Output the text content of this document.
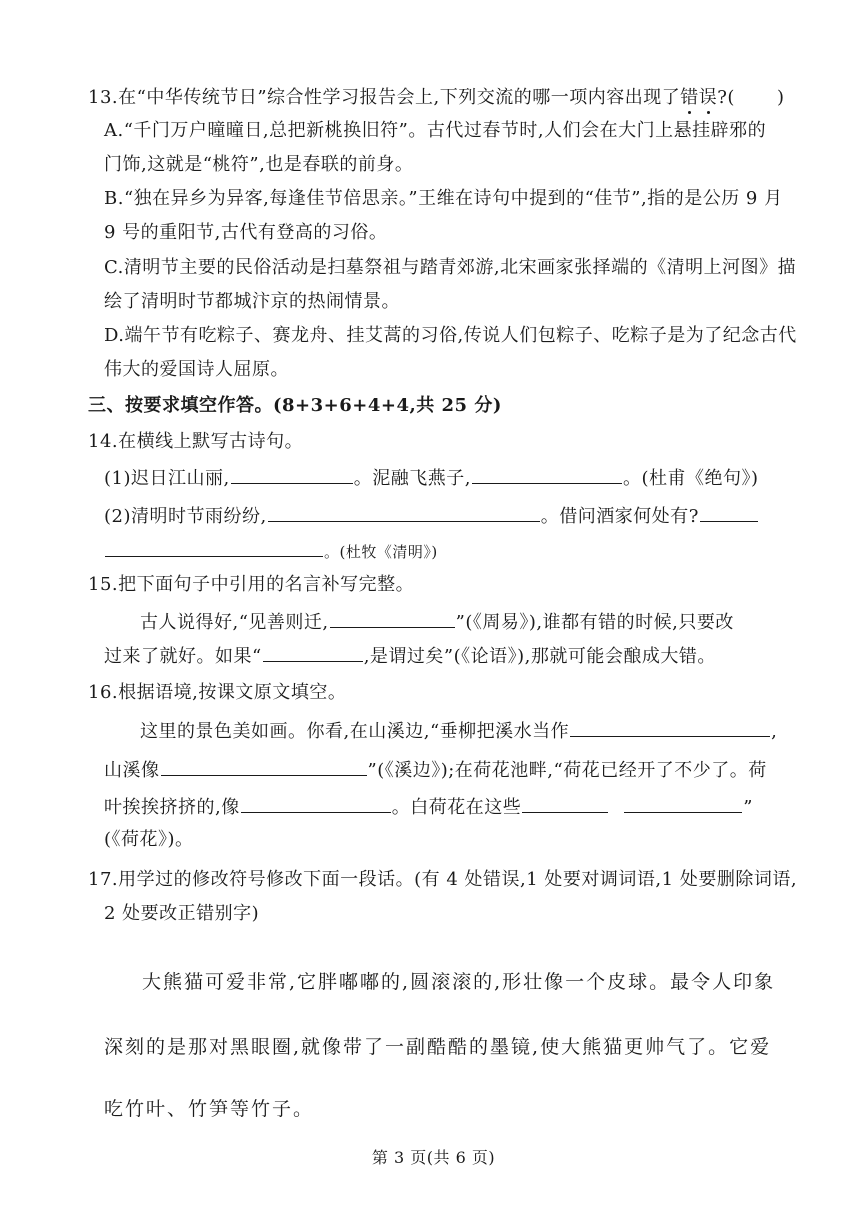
13.在“中华传统节日”综合性学习报告会上,下列交流的哪一项内容出现了错误?( )
A.“千门万户曈曈日,总把新桃换旧符”。古代过春节时,人们会在大门上悬挂辟邪的
门饰,这就是“桃符”,也是春联的前身。
B.“独在异乡为异客,每逢佳节倍思亲。”王维在诗句中提到的“佳节”,指的是公历 9 月
9 号的重阳节,古代有登高的习俗。
C.清明节主要的民俗活动是扫墓祭祖与踏青郊游,北宋画家张择端的《清明上河图》描
绘了清明时节都城汴京的热闹情景。
D.端午节有吃粽子、赛龙舟、挂艾蒿的习俗,传说人们包粽子、吃粽子是为了纪念古代
伟大的爱国诗人屈原。
三、按要求填空作答。(8+3+6+4+4,共 25 分)
14.在横线上默写古诗句。
(1)迟日江山丽,	。泥融飞燕子,	。(杜甫《绝句》)
(2)清明时节雨纷纷,	。借问酒家何处有?
。(杜牧《清明》)
15.把下面句子中引用的名言补写完整。
古人说得好,“见善则迁,	”(《周易》),谁都有错的时候,只要改
过来了就好。如果“	,是谓过矣”(《论语》),那就可能会酿成大错。
16.根据语境,按课文原文填空。
这里的景色美如画。你看,在山溪边,“垂柳把溪水当作	,
山溪像	”(《溪边》);在荷花池畔,“荷花已经开了不少了。荷
叶挨挨挤挤的,像	。白荷花在这些	”
(《荷花》)。
17.用学过的修改符号修改下面一段话。(有 4 处错误,1 处要对调词语,1 处要删除词语,
2 处要改正错别字)
大熊猫可爱非常,它胖嘟嘟的,圆滚滚的,形壮像一个皮球。最令人印象
深刻的是那对黑眼圈,就像带了一副酷酷的墨镜,使大熊猫更帅气了。它爱
吃竹叶、竹笋等竹子。
第 3 页(共 6 页)
